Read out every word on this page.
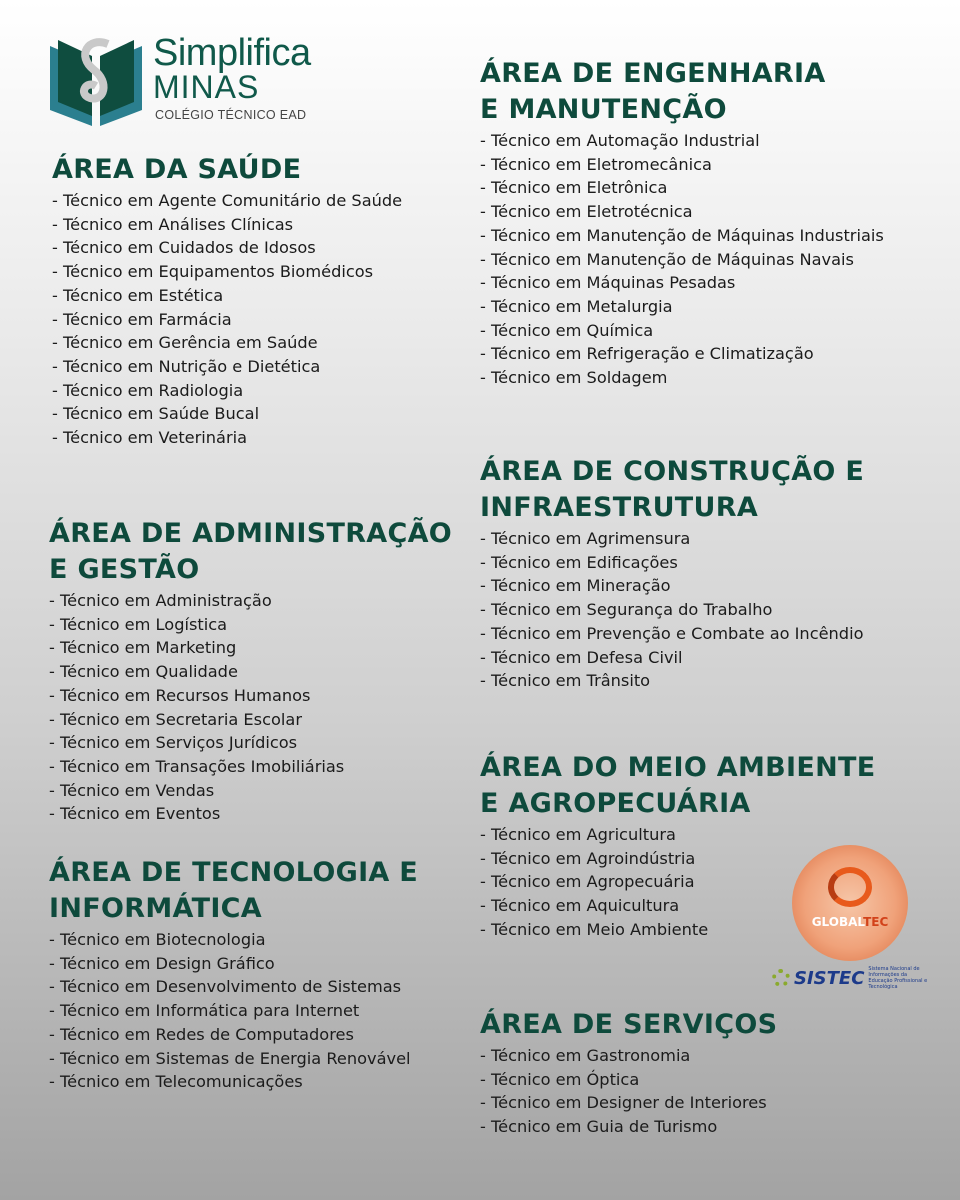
Simplifica
MINAS
COLÉGIO TÉCNICO EAD
ÁREA DA SAÚDE
- Técnico em Agente Comunitário de Saúde
- Técnico em Análises Clínicas
- Técnico em Cuidados de Idosos
- Técnico em Equipamentos Biomédicos
- Técnico em Estética
- Técnico em Farmácia
- Técnico em Gerência em Saúde
- Técnico em Nutrição e Dietética
- Técnico em Radiologia
- Técnico em Saúde Bucal
- Técnico em Veterinária
ÁREA DE ADMINISTRAÇÃO E GESTÃO
- Técnico em Administração
- Técnico em Logística
- Técnico em Marketing
- Técnico em Qualidade
- Técnico em Recursos Humanos
- Técnico em Secretaria Escolar
- Técnico em Serviços Jurídicos
- Técnico em Transações Imobiliárias
- Técnico em Vendas
- Técnico em Eventos
ÁREA DE TECNOLOGIA E INFORMÁTICA
- Técnico em Biotecnologia
- Técnico em Design Gráfico
- Técnico em Desenvolvimento de Sistemas
- Técnico em Informática para Internet
- Técnico em Redes de Computadores
- Técnico em Sistemas de Energia Renovável
- Técnico em Telecomunicações
ÁREA DE ENGENHARIA E MANUTENÇÃO
- Técnico em Automação Industrial
- Técnico em Eletromecânica
- Técnico em Eletrônica
- Técnico em Eletrotécnica
- Técnico em Manutenção de Máquinas Industriais
- Técnico em Manutenção de Máquinas Navais
- Técnico em Máquinas Pesadas
- Técnico em Metalurgia
- Técnico em Química
- Técnico em Refrigeração e Climatização
- Técnico em Soldagem
ÁREA DE CONSTRUÇÃO E INFRAESTRUTURA
- Técnico em Agrimensura
- Técnico em Edificações
- Técnico em Mineração
- Técnico em Segurança do Trabalho
- Técnico em Prevenção e Combate ao Incêndio
- Técnico em Defesa Civil
- Técnico em Trânsito
ÁREA DO MEIO AMBIENTE E AGROPECUÁRIA
- Técnico em Agricultura
- Técnico em Agroindústria
- Técnico em Agropecuária
- Técnico em Aquicultura
- Técnico em Meio Ambiente
ÁREA DE SERVIÇOS
- Técnico em Gastronomia
- Técnico em Óptica
- Técnico em Designer de Interiores
- Técnico em Guia de Turismo
GLOBALTEC
SISTEC Sistema Nacional de Informações da Educação Profissional e Tecnológica
